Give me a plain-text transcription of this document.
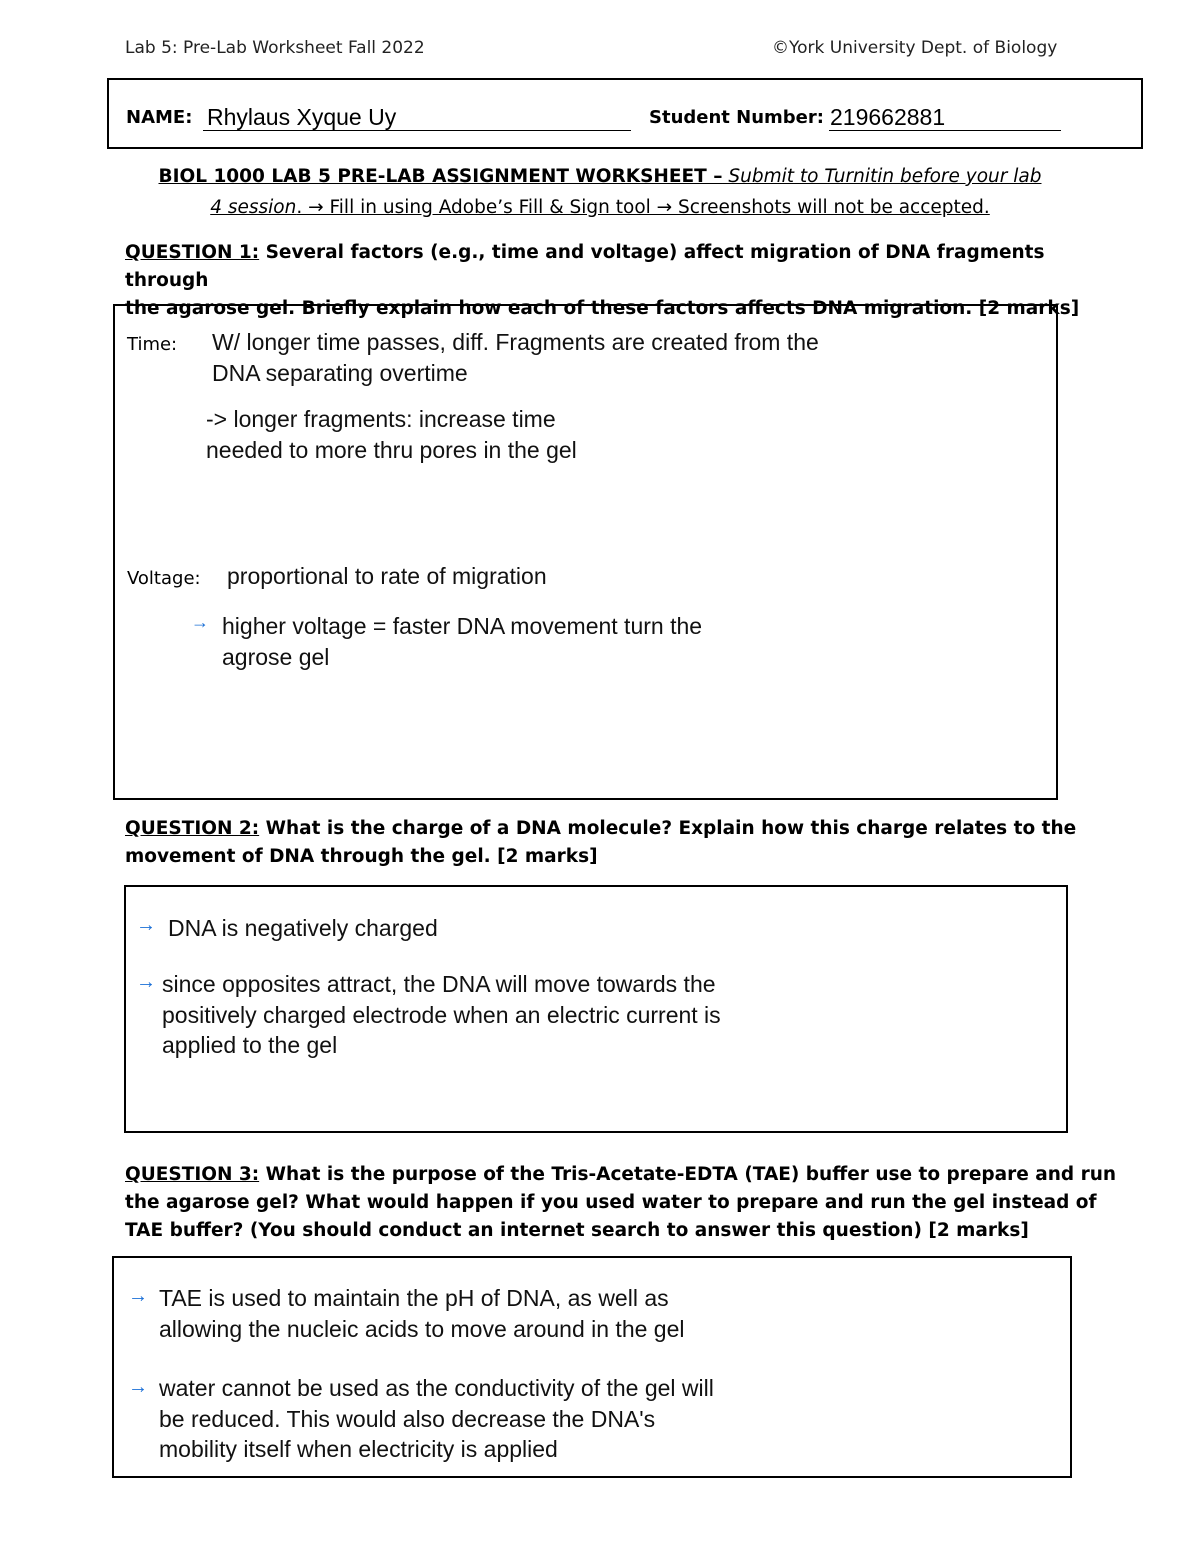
Lab 5: Pre-Lab Worksheet Fall 2022	©York University Dept. of Biology
NAME: Rhylaus Xyque Uy	Student Number: 219662881
BIOL 1000 LAB 5 PRE-LAB ASSIGNMENT WORKSHEET – Submit to Turnitin before your lab
4 session. → Fill in using Adobe’s Fill & Sign tool → Screenshots will not be accepted.
QUESTION 1: Several factors (e.g., time and voltage) affect migration of DNA fragments through
the agarose gel. Briefly explain how each of these factors affects DNA migration. [2 marks]
Time: W/ longer time passes, diff. Fragments are created from the
DNA separating overtime
-> longer fragments: increase time
needed to more thru pores in the gel
Voltage: proportional to rate of migration
→ higher voltage = faster DNA movement turn the
agrose gel
QUESTION 2: What is the charge of a DNA molecule? Explain how this charge relates to the
movement of DNA through the gel. [2 marks]
→ DNA is negatively charged
→ since opposites attract, the DNA will move towards the
positively charged electrode when an electric current is
applied to the gel
QUESTION 3: What is the purpose of the Tris-Acetate-EDTA (TAE) buffer use to prepare and run
the agarose gel? What would happen if you used water to prepare and run the gel instead of
TAE buffer? (You should conduct an internet search to answer this question) [2 marks]
→ TAE is used to maintain the pH of DNA, as well as
allowing the nucleic acids to move around in the gel
→ water cannot be used as the conductivity of the gel will
be reduced. This would also decrease the DNA's
mobility itself when electricity is applied
